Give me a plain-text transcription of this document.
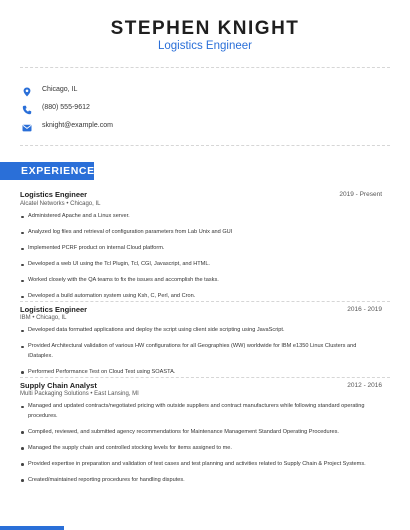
STEPHEN KNIGHT
Logistics Engineer
Chicago, IL
(880) 555-9612
sknight@example.com
EXPERIENCE
Logistics Engineer	2019 - Present
Alcatel Networks • Chicago, IL
Administered Apache and a Linux server.
Analyzed log files and retrieval of configuration parameters from Lab Unix and GUI
Implemented PCRF product on internal Cloud platform.
Developed a web UI using the Tcl Plugin, Tcl, CGI, Javascript, and HTML.
Worked closely with the QA teams to fix the issues and accomplish the tasks.
Developed a build automation system using Ksh, C, Perl, and Cron.
Logistics Engineer	2016 - 2019
IBM • Chicago, IL
Developed data formatted applications and deploy the script using client side scripting using JavaScript.
Provided Architectural validation of various HW configurations for all Geographies (WW) worldwide for IBM e1350 Linux Clusters and iDataplex.
Performed Performance Test on Cloud Test using SOASTA.
Supply Chain Analyst	2012 - 2016
Multi Packaging Solutions • East Lansing, MI
Managed and updated contracts/negotiated pricing with outside suppliers and contract manufacturers while following standard operating procedures.
Compiled, reviewed, and submitted agency recommendations for Maintenance Management Standard Operating Procedures.
Managed the supply chain and controlled stocking levels for items assigned to me.
Provided expertise in preparation and validation of test cases and test planning and activities related to Supply Chain & Project Systems.
Created/maintained reporting procedures for handling disputes.
